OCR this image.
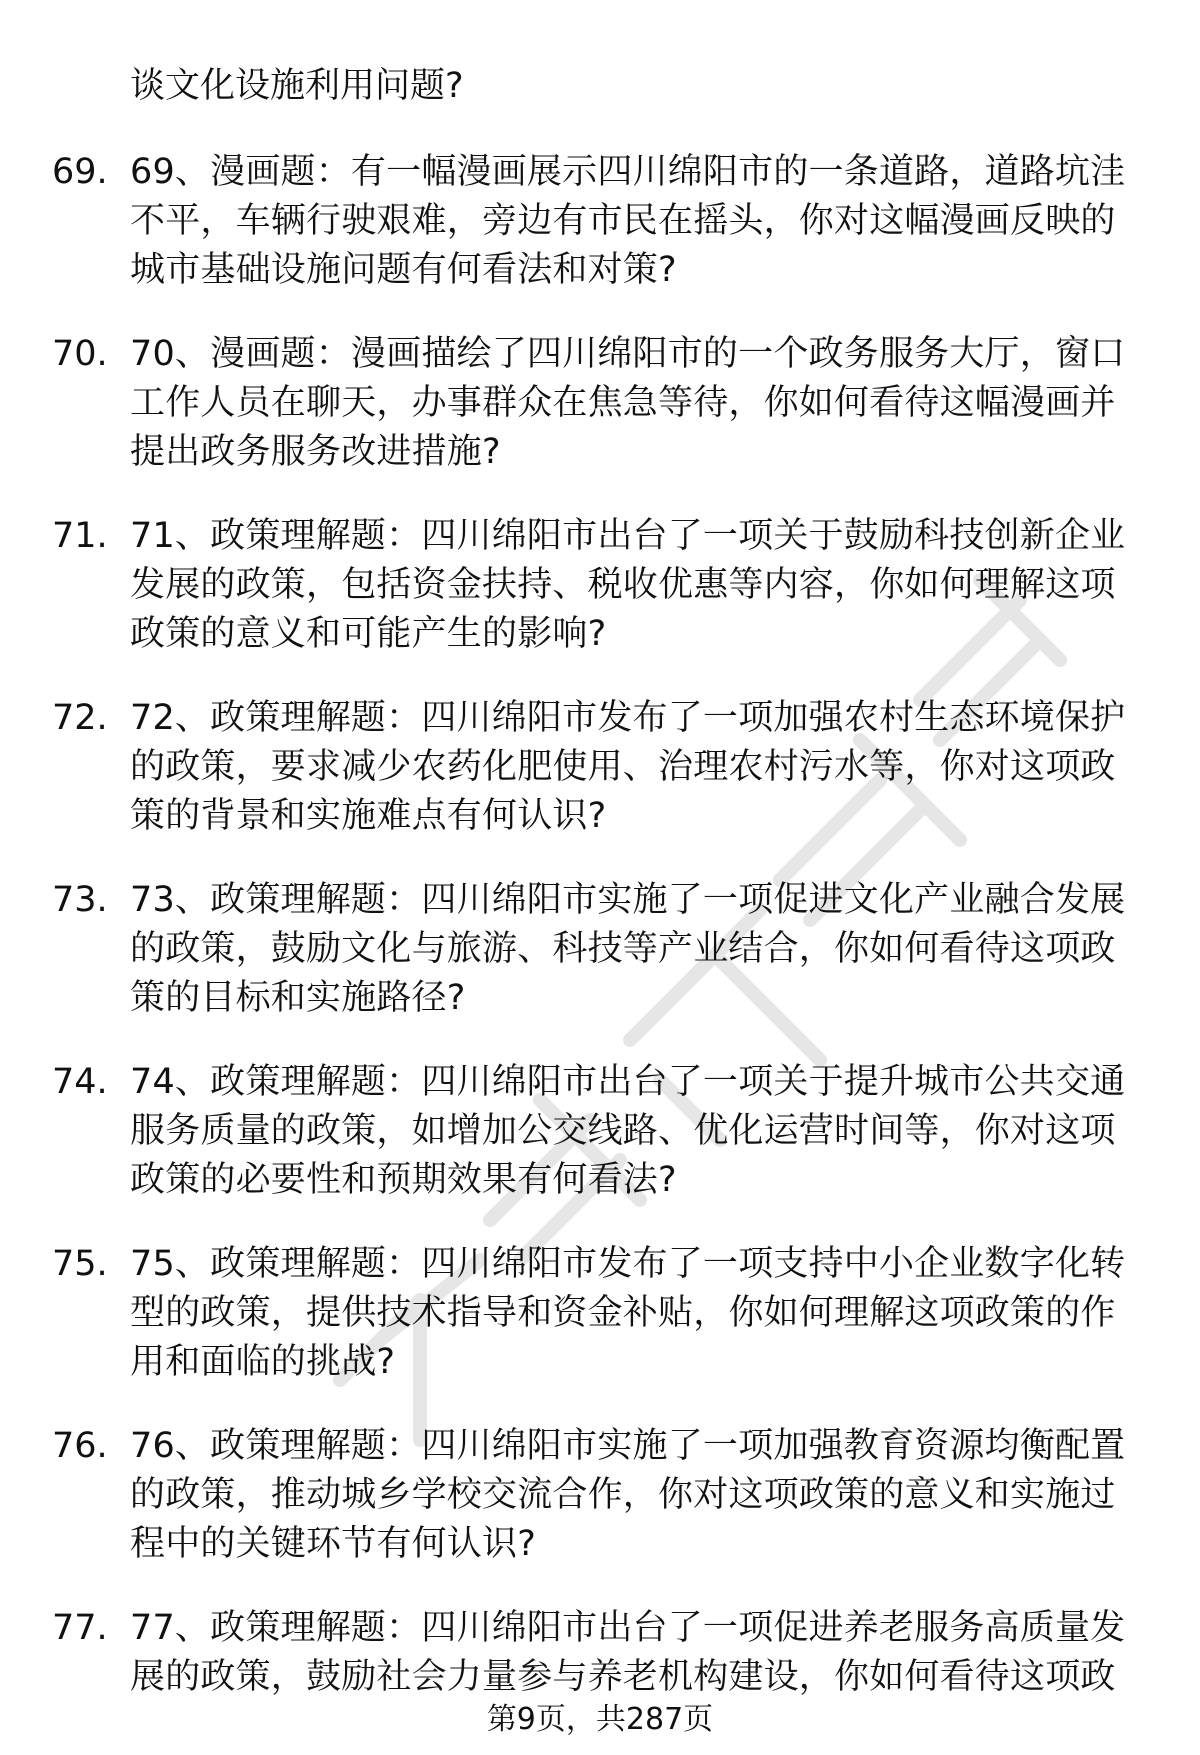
谈文化设施利用问题?
69. 69、漫画题：有一幅漫画展示四川绵阳市的一条道路，道路坑洼不平，车辆行驶艰难，旁边有市民在摇头，你对这幅漫画反映的城市基础设施问题有何看法和对策?
70. 70、漫画题：漫画描绘了四川绵阳市的一个政务服务大厅，窗口工作人员在聊天，办事群众在焦急等待，你如何看待这幅漫画并提出政务服务改进措施?
71. 71、政策理解题：四川绵阳市出台了一项关于鼓励科技创新企业发展的政策，包括资金扶持、税收优惠等内容，你如何理解这项政策的意义和可能产生的影响?
72. 72、政策理解题：四川绵阳市发布了一项加强农村生态环境保护的政策，要求减少农药化肥使用、治理农村污水等，你对这项政策的背景和实施难点有何认识?
73. 73、政策理解题：四川绵阳市实施了一项促进文化产业融合发展的政策，鼓励文化与旅游、科技等产业结合，你如何看待这项政策的目标和实施路径?
74. 74、政策理解题：四川绵阳市出台了一项关于提升城市公共交通服务质量的政策，如增加公交线路、优化运营时间等，你对这项政策的必要性和预期效果有何看法?
75. 75、政策理解题：四川绵阳市发布了一项支持中小企业数字化转型的政策，提供技术指导和资金补贴，你如何理解这项政策的作用和面临的挑战?
76. 76、政策理解题：四川绵阳市实施了一项加强教育资源均衡配置的政策，推动城乡学校交流合作，你对这项政策的意义和实施过程中的关键环节有何认识?
77. 77、政策理解题：四川绵阳市出台了一项促进养老服务高质量发展的政策，鼓励社会力量参与养老机构建设，你如何看待这项政
第9页，共287页
